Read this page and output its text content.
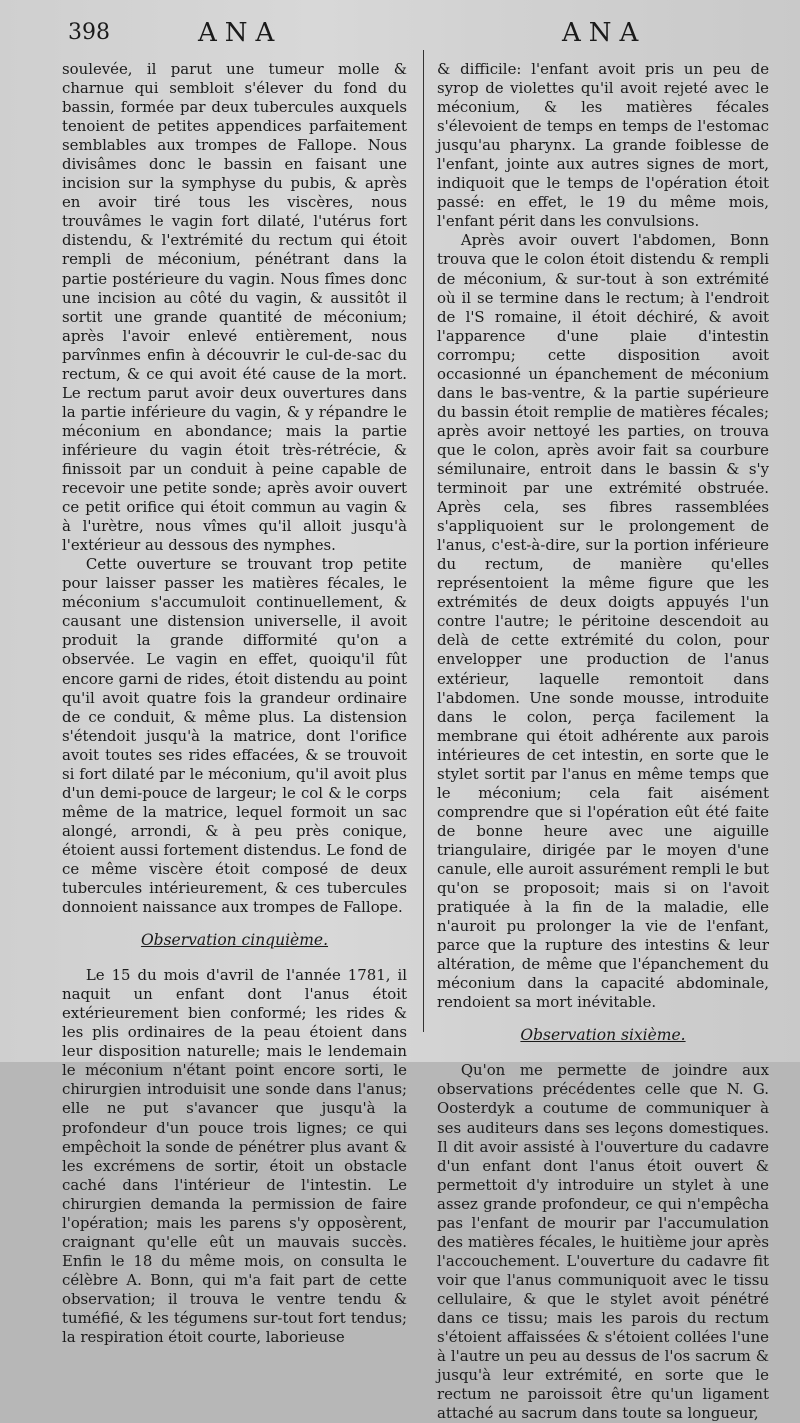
398	ANA	ANA

soulevée, il parut une tumeur molle & charnue qui sembloit s'élever du fond du bassin, formée par deux tubercules auxquels tenoient de petites appendices parfaitement semblables aux trompes de Fallope. Nous divisâmes donc le bassin en faisant une incision sur la symphyse du pubis, & après en avoir tiré tous les viscères, nous trouvâmes le vagin fort dilaté, l'utérus fort distendu, & l'extrémité du rectum qui étoit rempli de méconium, pénétrant dans la partie postérieure du vagin. Nous fîmes donc une incision au côté du vagin, & aussitôt il sortit une grande quantité de méconium; après l'avoir enlevé entièrement, nous parvînmes enfin à découvrir le cul-de-sac du rectum, & ce qui avoit été cause de la mort. Le rectum parut avoir deux ouvertures dans la partie inférieure du vagin, & y répandre le méconium en abondance; mais la partie inférieure du vagin étoit très-rétrécie, & finissoit par un conduit à peine capable de recevoir une petite sonde; après avoir ouvert ce petit orifice qui étoit commun au vagin & à l'urètre, nous vîmes qu'il alloit jusqu'à l'extérieur au dessous des nymphes.

Cette ouverture se trouvant trop petite pour laisser passer les matières fécales, le méconium s'accumuloit continuellement, & causant une distension universelle, il avoit produit la grande difformité qu'on a observée. Le vagin en effet, quoiqu'il fût encore garni de rides, étoit distendu au point qu'il avoit quatre fois la grandeur ordinaire de ce conduit, & même plus. La distension s'étendoit jusqu'à la matrice, dont l'orifice avoit toutes ses rides effacées, & se trouvoit si fort dilaté par le méconium, qu'il avoit plus d'un demi-pouce de largeur; le col & le corps même de la matrice, lequel formoit un sac alongé, arrondi, & à peu près conique, étoient aussi fortement distendus. Le fond de ce même viscère étoit composé de deux tubercules intérieurement, & ces tubercules donnoient naissance aux trompes de Fallope.

Observation cinquième.

Le 15 du mois d'avril de l'année 1781, il naquit un enfant dont l'anus étoit extérieurement bien conformé; les rides & les plis ordinaires de la peau étoient dans leur disposition naturelle; mais le lendemain le méconium n'étant point encore sorti, le chirurgien introduisit une sonde dans l'anus; elle ne put s'avancer que jusqu'à la profondeur d'un pouce trois lignes; ce qui empêchoit la sonde de pénétrer plus avant & les excrémens de sortir, étoit un obstacle caché dans l'intérieur de l'intestin. Le chirurgien demanda la permission de faire l'opération; mais les parens s'y opposèrent, craignant qu'elle eût un mauvais succès. Enfin le 18 du même mois, on consulta le célèbre A. Bonn, qui m'a fait part de cette observation; il trouva le ventre tendu & tuméfié, & les tégumens sur-tout fort tendus; la respiration étoit courte, laborieuse

& difficile: l'enfant avoit pris un peu de syrop de violettes qu'il avoit rejeté avec le méconium, & les matières fécales s'élevoient de temps en temps de l'estomac jusqu'au pharynx. La grande foiblesse de l'enfant, jointe aux autres signes de mort, indiquoit que le temps de l'opération étoit passé: en effet, le 19 du même mois, l'enfant périt dans les convulsions.

Après avoir ouvert l'abdomen, Bonn trouva que le colon étoit distendu & rempli de méconium, & sur-tout à son extrémité où il se termine dans le rectum; à l'endroit de l'S romaine, il étoit déchiré, & avoit l'apparence d'une plaie d'intestin corrompu; cette disposition avoit occasionné un épanchement de méconium dans le bas-ventre, & la partie supérieure du bassin étoit remplie de matières fécales; après avoir nettoyé les parties, on trouva que le colon, après avoir fait sa courbure sémilunaire, entroit dans le bassin & s'y terminoit par une extrémité obstruée. Après cela, ses fibres rassemblées s'appliquoient sur le prolongement de l'anus, c'est-à-dire, sur la portion inférieure du rectum, de manière qu'elles représentoient la même figure que les extrémités de deux doigts appuyés l'un contre l'autre; le péritoine descendoit au delà de cette extrémité du colon, pour envelopper une production de l'anus extérieur, laquelle remontoit dans l'abdomen. Une sonde mousse, introduite dans le colon, perça facilement la membrane qui étoit adhérente aux parois intérieures de cet intestin, en sorte que le stylet sortit par l'anus en même temps que le méconium; cela fait aisément comprendre que si l'opération eût été faite de bonne heure avec une aiguille triangulaire, dirigée par le moyen d'une canule, elle auroit assurément rempli le but qu'on se proposoit; mais si on l'avoit pratiquée à la fin de la maladie, elle n'auroit pu prolonger la vie de l'enfant, parce que la rupture des intestins & leur altération, de même que l'épanchement du méconium dans la capacité abdominale, rendoient sa mort inévitable.

Observation sixième.

Qu'on me permette de joindre aux observations précédentes celle que N. G. Oosterdyk a coutume de communiquer à ses auditeurs dans ses leçons domestiques. Il dit avoir assisté à l'ouverture du cadavre d'un enfant dont l'anus étoit ouvert & permettoit d'y introduire un stylet à une assez grande profondeur, ce qui n'empêcha pas l'enfant de mourir par l'accumulation des matières fécales, le huitième jour après l'accouchement. L'ouverture du cadavre fit voir que l'anus communiquoit avec le tissu cellulaire, & que le stylet avoit pénétré dans ce tissu; mais les parois du rectum s'étoient affaissées & s'étoient collées l'une à l'autre un peu au dessus de l'os sacrum & jusqu'à leur extrémité, en sorte que le rectum ne paroissoit être qu'un ligament attaché au sacrum dans toute sa longueur,
